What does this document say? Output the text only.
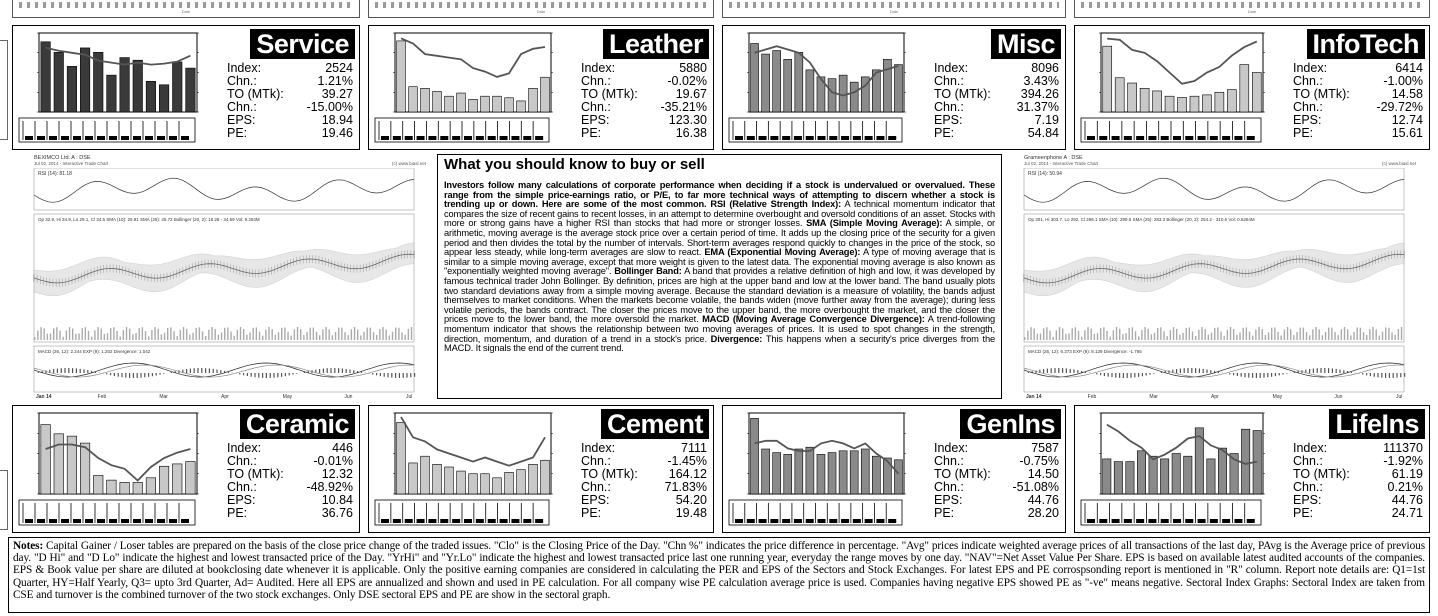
Date	Date	Date	Date
Service
Index:	2524
Chn.:	1.21%
TO (MTk):	39.27
Chn.:	-15.00%
EPS:	18.94
PE:	19.46
Leather
Index:	5880
Chn.:	-0.02%
TO (MTk):	19.67
Chn.:	-35.21%
EPS:	123.30
PE:	16.38
Misc
Index:	8096
Chn.:	3.43%
TO (MTk): 394.26
Chn.:	31.37%
EPS:	7.19
PE:	54.84
InfoTech
Index:	6414
Chn.:	-1.00%
TO (MTk):	14.58
Chn.:	-29.72%
EPS:	12.74
PE:	15.61
Ceramic
Index:	446
Chn.:	-0.01%
TO (MTk):	12.32
Chn.:	-48.92%
EPS:	10.84
PE:	36.76
Cement
Index:	7111
Chn.:	-1.45%
TO (MTk): 164.12
Chn.:	71.83%
EPS:	54.20
PE:	19.48
GenIns
Index:	7587
Chn.:	-0.75%
TO (MTk):	14.50
Chn.:	-51.08%
EPS:	44.76
PE:	28.20
LifeIns
Index:	111370
Chn.:	-1.92%
TO (MTk):	61.19
Chn.:	0.21%
EPS:	44.76
PE:	24.71
BEXIMCO Ltd. A : DSE
Jul 02, 2014 - Interactive Trade Chart	(c) www.biasl.net
RSI (14): 81.18
Op 32.9, Hi 34.9, Lo 29.1, Cl 34.5 SMA (10): 29.91 SMA (25): 25.72 Bollinger (20, 2): 18.28 - 34.69 Vol: 9.254M
MACD (26, 12): 2.244 EXP (9): 1.202 Divergence: 1.042
Jan 14	Feb	Mar	Apr	May	Jun	Jul
Grameenphone A : DSE
Jul 02, 2014 - Interactive Trade Chart	(c) www.biasl.net
RSI (14): 50.94
Op 301, Hi 303.7, Lo 292, Cl 296.1 SMA (10): 299.5 SMA (25): 283.3 Bollinger (20, 2): 254.2 - 310.6 Vol: 0.6264M
MACD (26, 12): 6.373 EXP (9): 8.139 Divergence: -1.765
Jan 14	Feb	Mar	Apr	May	Jun	Jul
What you should know to buy or sell
Investors follow many calculations of corporate performance when deciding if a stock is undervalued or overvalued. These range from the simple price-earnings ratio, or P/E, to far more technical ways of attempting to discern whether a stock is trending up or down. Here are some of the most common. RSI (Relative Strength Index): A technical momentum indicator that compares the size of recent gains to recent losses, in an attempt to determine overbought and oversold conditions of an asset. Stocks with more or strong gains have a higher RSI than stocks that had more or stronger losses. SMA (Simple Moving Average): A simple, or arithmetic, moving average is the average stock price over a certain period of time. It adds up the closing price of the security for a given period and then divides the total by the number of intervals. Short-term averages respond quickly to changes in the price of the stock, so appear less steady, while long-term averages are slow to react. EMA (Exponential Moving Average): A type of moving average that is similar to a simple moving average, except that more weight is given to the latest data. The exponential moving average is also known as "exponentially weighted moving average". Bollinger Band: A band that provides a relative definition of high and low, it was developed by famous technical trader John Bollinger. By definition, prices are high at the upper band and low at the lower band. The band usually plots two standard deviations away from a simple moving average. Because the standard deviation is a measure of volatility, the bands adjust themselves to market conditions. When the markets become volatile, the bands widen (move further away from the average); during less volatile periods, the bands contract. The closer the prices move to the upper band, the more overbought the market, and the closer the prices move to the lower band, the more oversold the market. MACD (Moving Average Convergence Divergence): A trend-following momentum indicator that shows the relationship between two moving averages of prices. It is used to spot changes in the strength, direction, momentum, and duration of a trend in a stock's price. Divergence: This happens when a security's price diverges from the MACD. It signals the end of the current trend.
Notes: Capital Gainer / Loser tables are prepared on the basis of the close price change of the traded issues. "Clo" is the Closing Price of the Day. "Chn %" indicates the price difference in percentage. "Avg" prices indicate weighted average prices of all transactions of the last day, PAvg is the Average price of previous day. "D Hi" and "D Lo" indicate the highest and lowest transacted price of the Day. "YrHi" and "Yr.Lo" indicate the highest and lowest transacted price last one running year, everyday the range moves by one day. "NAV"=Net Asset Value Per Share. EPS is based on available latest audited accounts of the companies. EPS & Book value per share are diluted at bookclosing date whenever it is applicable. Only the positive earning companies are considered in calculating the PER and EPS of the Sectors and Stock Exchanges. For latest EPS and PE corrospsonding report is mentioned in "R" column. Report note details are: Q1=1st Quarter, HY=Half Yearly, Q3= upto 3rd Quarter, Ad= Audited. Here all EPS are annualized and shown and used in PE calculation. For all company wise PE calculation average price is used. Companies having negative EPS showed PE as "-ve" means negative. Sectoral Index Graphs: Sectoral Index are taken from CSE and turnover is the combined turnover of the two stock exchanges. Only DSE sectoral EPS and PE are show in the sectoral graph.
